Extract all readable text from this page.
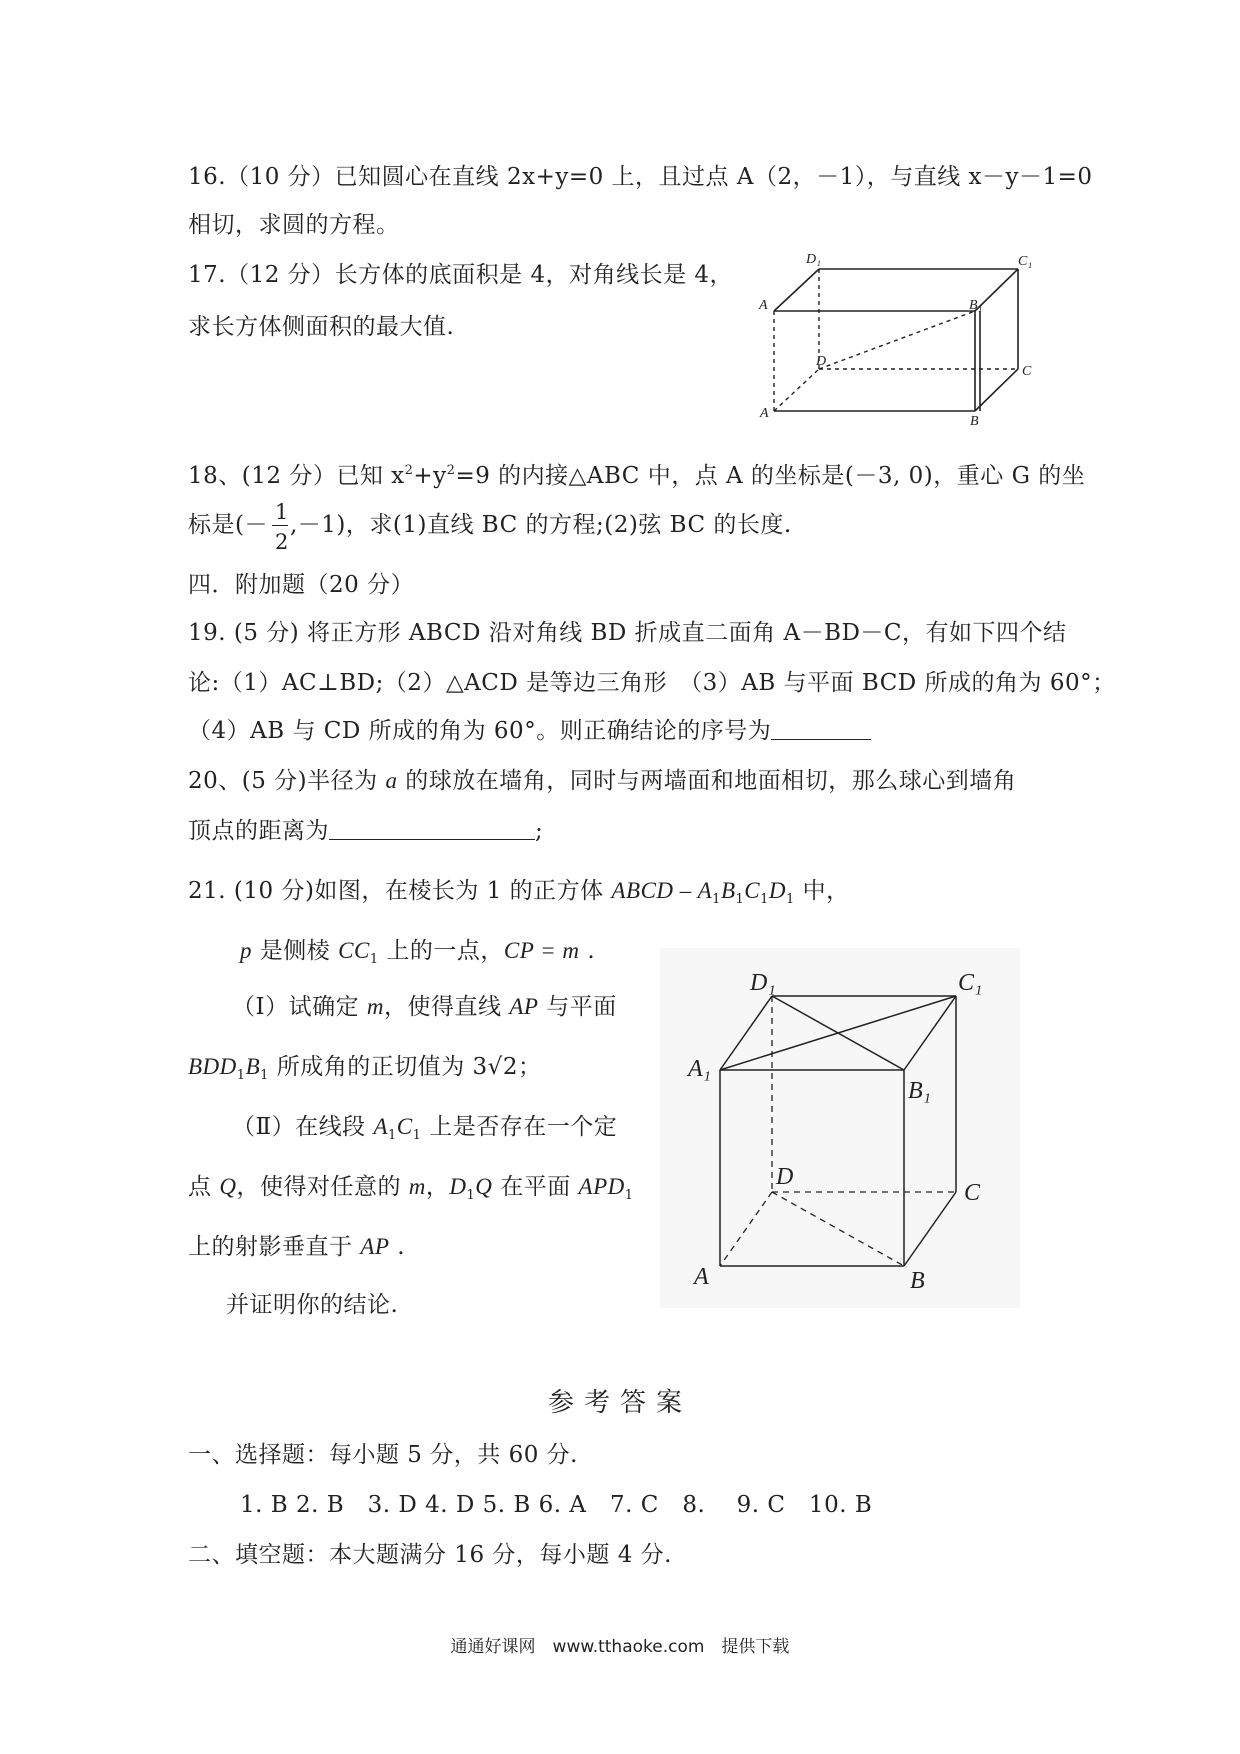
16.（10 分）已知圆心在直线 2x+y=0 上，且过点 A（2，－1），与直线 x－y－1=0
相切，求圆的方程。
17.（12 分）长方体的底面积是 4，对角线长是 4，
求长方体侧面积的最大值.
D₁	C₁
A	B₁
D
C
A
B
18、(12 分）已知 $x^2+y^2=9$ 的内接△ABC 中，点 A 的坐标是(－3, 0)，重心 G 的坐
标是(－ $\frac{1}{2} ,-1$)，求(1)直线 BC 的方程;(2)弦 BC 的长度.
四．附加题（20 分）
19. (5 分) 将正方形 ABCD 沿对角线 BD 折成直二面角 A－BD－C，有如下四个结
论:（1）AC⊥BD;（2）△ACD 是等边三角形　（3）AB 与平面 BCD 所成的角为 60°；
（4）AB 与 CD 所成的角为 60°。则正确结论的序号为
20、(5 分)半径为 a 的球放在墙角，同时与两墙面和地面相切，那么球心到墙角
顶点的距离为	;
21. (10 分)如图，在棱长为 1 的正方体 ABCD – $A_1B_1C_1D_1$ 中，
p 是侧棱 $CC_1$ 上的一点，CP = m .
（Ⅰ）试确定 m，使得直线 AP 与平面
$BDD_1B_1$ 所成角的正切值为 3√2；
（Ⅱ）在线段 $A_1C_1$ 上是否存在一个定
点 Q，使得对任意的 m，$D_1Q$ 在平面 $APD_1$
上的射影垂直于 AP .
并证明你的结论.
D₁	C₁
A₁
B₁
D
C
A	B
参考答案
一、选择题：每小题 5 分，共 60 分.
1. B 2. B　3. D 4. D 5. B 6. A　7. C　8.　 9. C　10. B
二、填空题：本大题满分 16 分，每小题 4 分.
通通好课网　www.tthaoke.com　提供下载
